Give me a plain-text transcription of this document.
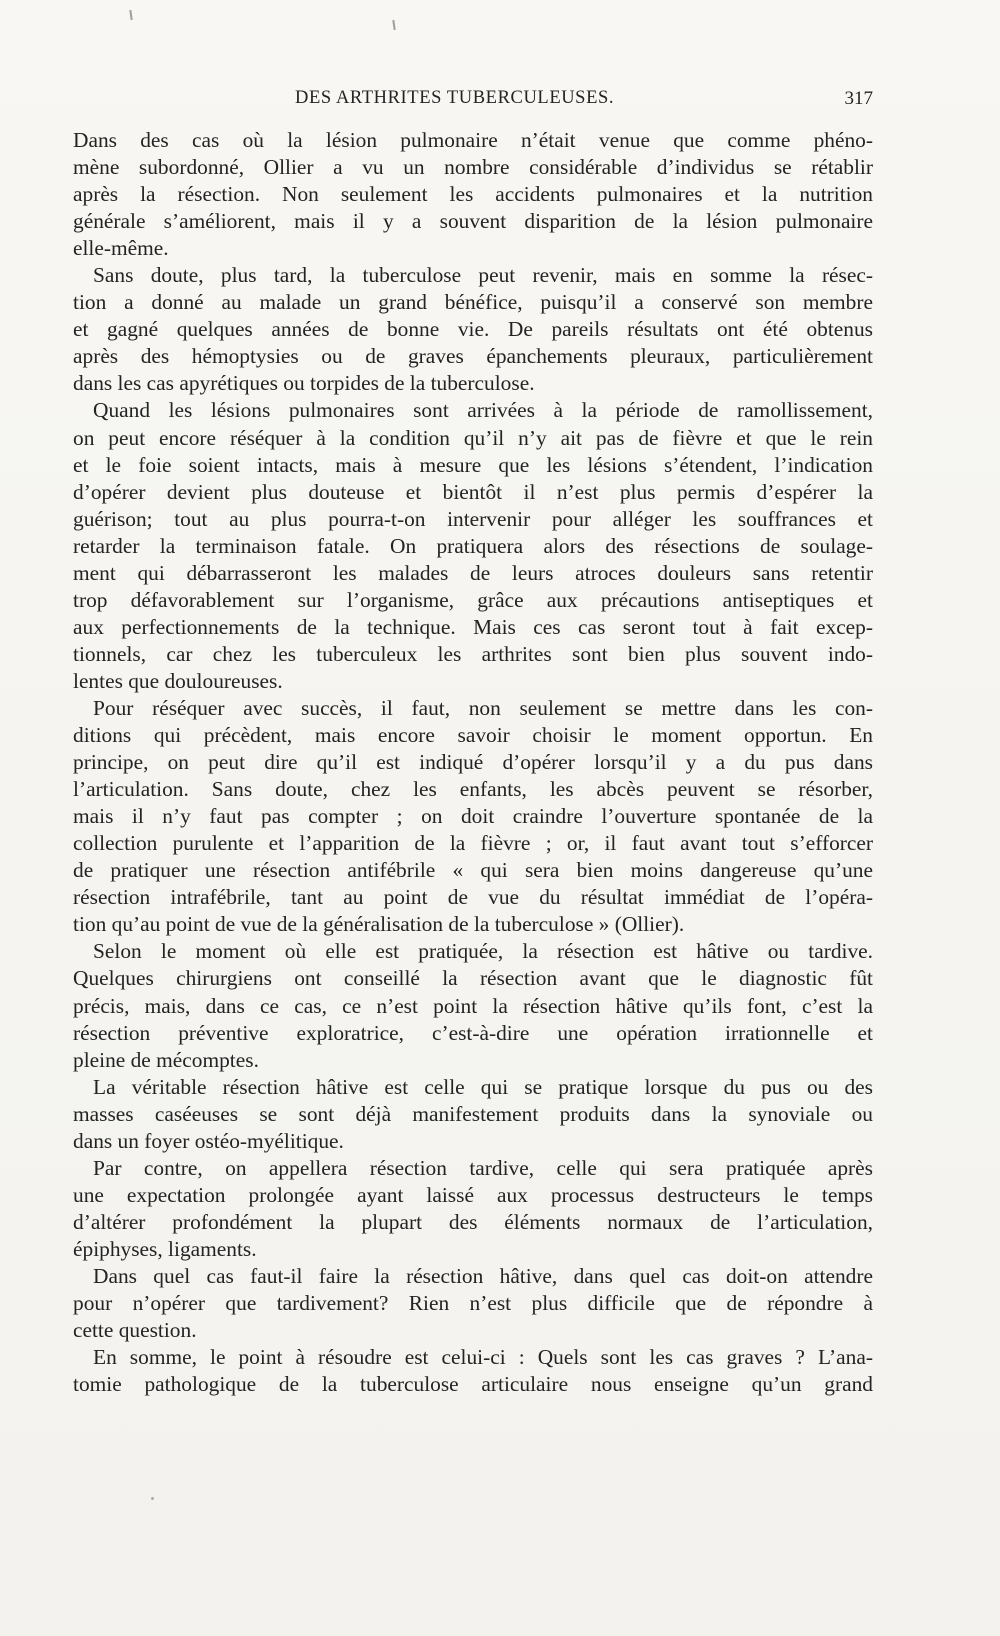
DES ARTHRITES TUBERCULEUSES.	317
Dans des cas où la lésion pulmonaire n’était venue que comme phéno-
mène subordonné, Ollier a vu un nombre considérable d’individus se rétablir
après la résection. Non seulement les accidents pulmonaires et la nutrition
générale s’améliorent, mais il y a souvent disparition de la lésion pulmonaire
elle-même.
Sans doute, plus tard, la tuberculose peut revenir, mais en somme la résec-
tion a donné au malade un grand bénéfice, puisqu’il a conservé son membre
et gagné quelques années de bonne vie. De pareils résultats ont été obtenus
après des hémoptysies ou de graves épanchements pleuraux, particulièrement
dans les cas apyrétiques ou torpides de la tuberculose.
Quand les lésions pulmonaires sont arrivées à la période de ramollissement,
on peut encore réséquer à la condition qu’il n’y ait pas de fièvre et que le rein
et le foie soient intacts, mais à mesure que les lésions s’étendent, l’indication
d’opérer devient plus douteuse et bientôt il n’est plus permis d’espérer la
guérison; tout au plus pourra-t-on intervenir pour alléger les souffrances et
retarder la terminaison fatale. On pratiquera alors des résections de soulage-
ment qui débarrasseront les malades de leurs atroces douleurs sans retentir
trop défavorablement sur l’organisme, grâce aux précautions antiseptiques et
aux perfectionnements de la technique. Mais ces cas seront tout à fait excep-
tionnels, car chez les tuberculeux les arthrites sont bien plus souvent indo-
lentes que douloureuses.
Pour réséquer avec succès, il faut, non seulement se mettre dans les con-
ditions qui précèdent, mais encore savoir choisir le moment opportun. En
principe, on peut dire qu’il est indiqué d’opérer lorsqu’il y a du pus dans
l’articulation. Sans doute, chez les enfants, les abcès peuvent se résorber,
mais il n’y faut pas compter ; on doit craindre l’ouverture spontanée de la
collection purulente et l’apparition de la fièvre ; or, il faut avant tout s’efforcer
de pratiquer une résection antifébrile « qui sera bien moins dangereuse qu’une
résection intrafébrile, tant au point de vue du résultat immédiat de l’opéra-
tion qu’au point de vue de la généralisation de la tuberculose » (Ollier).
Selon le moment où elle est pratiquée, la résection est hâtive ou tardive.
Quelques chirurgiens ont conseillé la résection avant que le diagnostic fût
précis, mais, dans ce cas, ce n’est point la résection hâtive qu’ils font, c’est la
résection préventive exploratrice, c’est-à-dire une opération irrationnelle et
pleine de mécomptes.
La véritable résection hâtive est celle qui se pratique lorsque du pus ou des
masses caséeuses se sont déjà manifestement produits dans la synoviale ou
dans un foyer ostéo-myélitique.
Par contre, on appellera résection tardive, celle qui sera pratiquée après
une expectation prolongée ayant laissé aux processus destructeurs le temps
d’altérer profondément la plupart des éléments normaux de l’articulation,
épiphyses, ligaments.
Dans quel cas faut-il faire la résection hâtive, dans quel cas doit-on attendre
pour n’opérer que tardivement? Rien n’est plus difficile que de répondre à
cette question.
En somme, le point à résoudre est celui-ci : Quels sont les cas graves ? L’ana-
tomie pathologique de la tuberculose articulaire nous enseigne qu’un grand
